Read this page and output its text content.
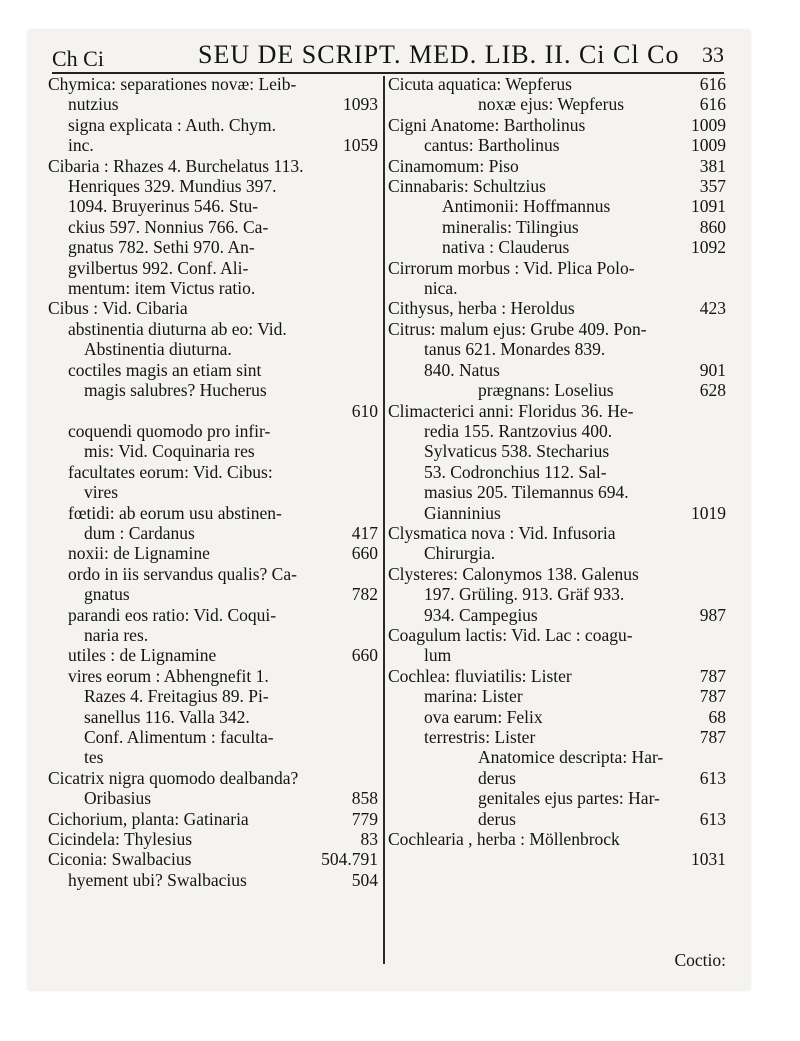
Ch Ci	SEU DE SCRIPT. MED. LIB. II. Ci Cl Co 33
Chymica: separationes novæ: Leib-
nutzius	1093
signa explicata : Auth. Chym.
inc.	1059
Cibaria : Rhazes 4. Burchelatus 113.
Henriques 329. Mundius 397.
1094. Bruyerinus 546. Stu-
ckius 597. Nonnius 766. Ca-
gnatus 782. Sethi 970. An-
gvilbertus 992. Conf. Ali-
mentum: item Victus ratio.
Cibus : Vid. Cibaria
abstinentia diuturna ab eo: Vid.
Abstinentia diuturna.
coctiles magis an etiam sint
magis salubres? Hucherus
610
coquendi quomodo pro infir-
mis: Vid. Coquinaria res
facultates eorum: Vid. Cibus:
vires
fœtidi: ab eorum usu abstinen-
dum : Cardanus	417
noxii: de Lignamine	660
ordo in iis servandus qualis? Ca-
gnatus	782
parandi eos ratio: Vid. Coqui-
naria res.
utiles : de Lignamine	660
vires eorum : Abhengnefit 1.
Razes 4. Freitagius 89. Pi-
sanellus 116. Valla 342.
Conf. Alimentum : faculta-
tes
Cicatrix nigra quomodo dealbanda?
Oribasius	858
Cichorium, planta: Gatinaria	779
Cicindela: Thylesius	83
Ciconia: Swalbacius	504.791
hyement ubi? Swalbacius	504
Cicuta aquatica: Wepferus	616
noxæ ejus: Wepferus	616
Cigni Anatome: Bartholinus	1009
cantus: Bartholinus	1009
Cinamomum: Piso	381
Cinnabaris: Schultzius	357
Antimonii: Hoffmannus	1091
mineralis: Tilingius	860
nativa : Clauderus	1092
Cirrorum morbus : Vid. Plica Polo-
nica.
Cithysus, herba : Heroldus	423
Citrus: malum ejus: Grube 409. Pon-
tanus 621. Monardes 839.
840. Natus	901
prægnans: Loselius	628
Climacterici anni: Floridus 36. He-
redia 155. Rantzovius 400.
Sylvaticus 538. Stecharius
53. Codronchius 112. Sal-
masius 205. Tilemannus 694.
Gianninius	1019
Clysmatica nova : Vid. Infusoria
Chirurgia.
Clysteres: Calonymos 138. Galenus
197. Grüling. 913. Gräf 933.
934. Campegius	987
Coagulum lactis: Vid. Lac : coagu-
lum
Cochlea: fluviatilis: Lister	787
marina: Lister	787
ova earum: Felix	68
terrestris: Lister	787
Anatomice descripta: Har-
derus	613
genitales ejus partes: Har-
derus	613
Cochlearia , herba : Möllenbrock
1031
Coctio:
